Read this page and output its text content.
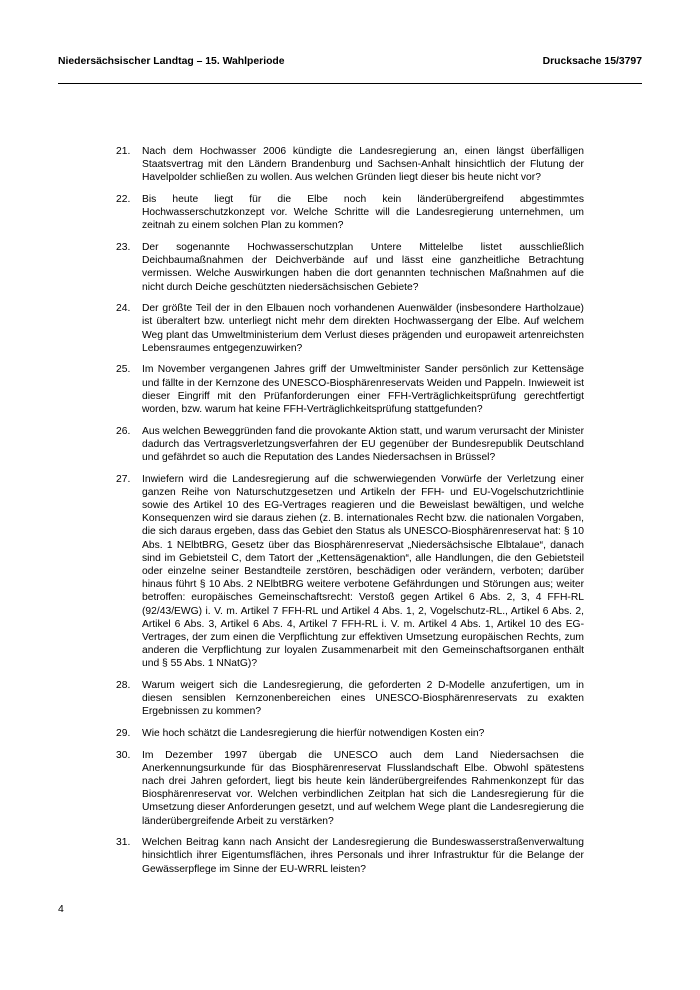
Niedersächsischer Landtag – 15. Wahlperiode	Drucksache 15/3797
21.	Nach dem Hochwasser 2006 kündigte die Landesregierung an, einen längst überfälligen Staatsvertrag mit den Ländern Brandenburg und Sachsen-Anhalt hinsichtlich der Flutung der Havelpolder schließen zu wollen. Aus welchen Gründen liegt dieser bis heute nicht vor?
22.	Bis heute liegt für die Elbe noch kein länderübergreifend abgestimmtes Hochwasserschutzkonzept vor. Welche Schritte will die Landesregierung unternehmen, um zeitnah zu einem solchen Plan zu kommen?
23.	Der sogenannte Hochwasserschutzplan Untere Mittelelbe listet ausschließlich Deichbaumaßnahmen der Deichverbände auf und lässt eine ganzheitliche Betrachtung vermissen. Welche Auswirkungen haben die dort genannten technischen Maßnahmen auf die nicht durch Deiche geschützten niedersächsischen Gebiete?
24.	Der größte Teil der in den Elbauen noch vorhandenen Auenwälder (insbesondere Hartholzaue) ist überaltert bzw. unterliegt nicht mehr dem direkten Hochwassergang der Elbe. Auf welchem Weg plant das Umweltministerium dem Verlust dieses prägenden und europaweit artenreichsten Lebensraumes entgegenzuwirken?
25.	Im November vergangenen Jahres griff der Umweltminister Sander persönlich zur Kettensäge und fällte in der Kernzone des UNESCO-Biosphärenreservats Weiden und Pappeln. Inwieweit ist dieser Eingriff mit den Prüfanforderungen einer FFH-Verträglichkeitsprüfung gerechtfertigt worden, bzw. warum hat keine FFH-Verträglichkeitsprüfung stattgefunden?
26.	Aus welchen Beweggründen fand die provokante Aktion statt, und warum verursacht der Minister dadurch das Vertragsverletzungsverfahren der EU gegenüber der Bundesrepublik Deutschland und gefährdet so auch die Reputation des Landes Niedersachsen in Brüssel?
27.	Inwiefern wird die Landesregierung auf die schwerwiegenden Vorwürfe der Verletzung einer ganzen Reihe von Naturschutzgesetzen und Artikeln der FFH- und EU-Vogelschutzrichtlinie sowie des Artikel 10 des EG-Vertrages reagieren und die Beweislast bewältigen, und welche Konsequenzen wird sie daraus ziehen (z. B. internationales Recht bzw. die nationalen Vorgaben, die sich daraus ergeben, dass das Gebiet den Status als UNESCO-Biosphärenreservat hat: § 10 Abs. 1 NElbtBRG, Gesetz über das Biosphärenreservat „Niedersächsische Elbtalaue“, danach sind im Gebietsteil C, dem Tatort der „Kettensägenaktion“, alle Handlungen, die den Gebietsteil oder einzelne seiner Bestandteile zerstören, beschädigen oder verändern, verboten; darüber hinaus führt § 10 Abs. 2 NElbtBRG weitere verbotene Gefährdungen und Störungen aus; weiter betroffen: europäisches Gemeinschaftsrecht: Verstoß gegen Artikel 6 Abs. 2, 3, 4 FFH-RL (92/43/EWG) i. V. m. Artikel 7 FFH-RL und Artikel 4 Abs. 1, 2, Vogelschutz-RL., Artikel 6 Abs. 2, Artikel 6 Abs. 3, Artikel 6 Abs. 4, Artikel 7 FFH-RL i. V. m. Artikel 4 Abs. 1, Artikel 10 des EG-Vertrages, der zum einen die Verpflichtung zur effektiven Umsetzung europäischen Rechts, zum anderen die Verpflichtung zur loyalen Zusammenarbeit mit den Gemeinschaftsorganen enthält und § 55 Abs. 1 NNatG)?
28.	Warum weigert sich die Landesregierung, die geforderten 2 D-Modelle anzufertigen, um in diesen sensiblen Kernzonenbereichen eines UNESCO-Biosphärenreservats zu exakten Ergebnissen zu kommen?
29.	Wie hoch schätzt die Landesregierung die hierfür notwendigen Kosten ein?
30.	Im Dezember 1997 übergab die UNESCO auch dem Land Niedersachsen die Anerkennungsurkunde für das Biosphärenreservat Flusslandschaft Elbe. Obwohl spätestens nach drei Jahren gefordert, liegt bis heute kein länderübergreifendes Rahmenkonzept für das Biosphärenreservat vor. Welchen verbindlichen Zeitplan hat sich die Landesregierung für die Umsetzung dieser Anforderungen gesetzt, und auf welchem Wege plant die Landesregierung die länderübergreifende Arbeit zu verstärken?
31.	Welchen Beitrag kann nach Ansicht der Landesregierung die Bundeswasserstraßenverwaltung hinsichtlich ihrer Eigentumsflächen, ihres Personals und ihrer Infrastruktur für die Belange der Gewässerpflege im Sinne der EU-WRRL leisten?
4
